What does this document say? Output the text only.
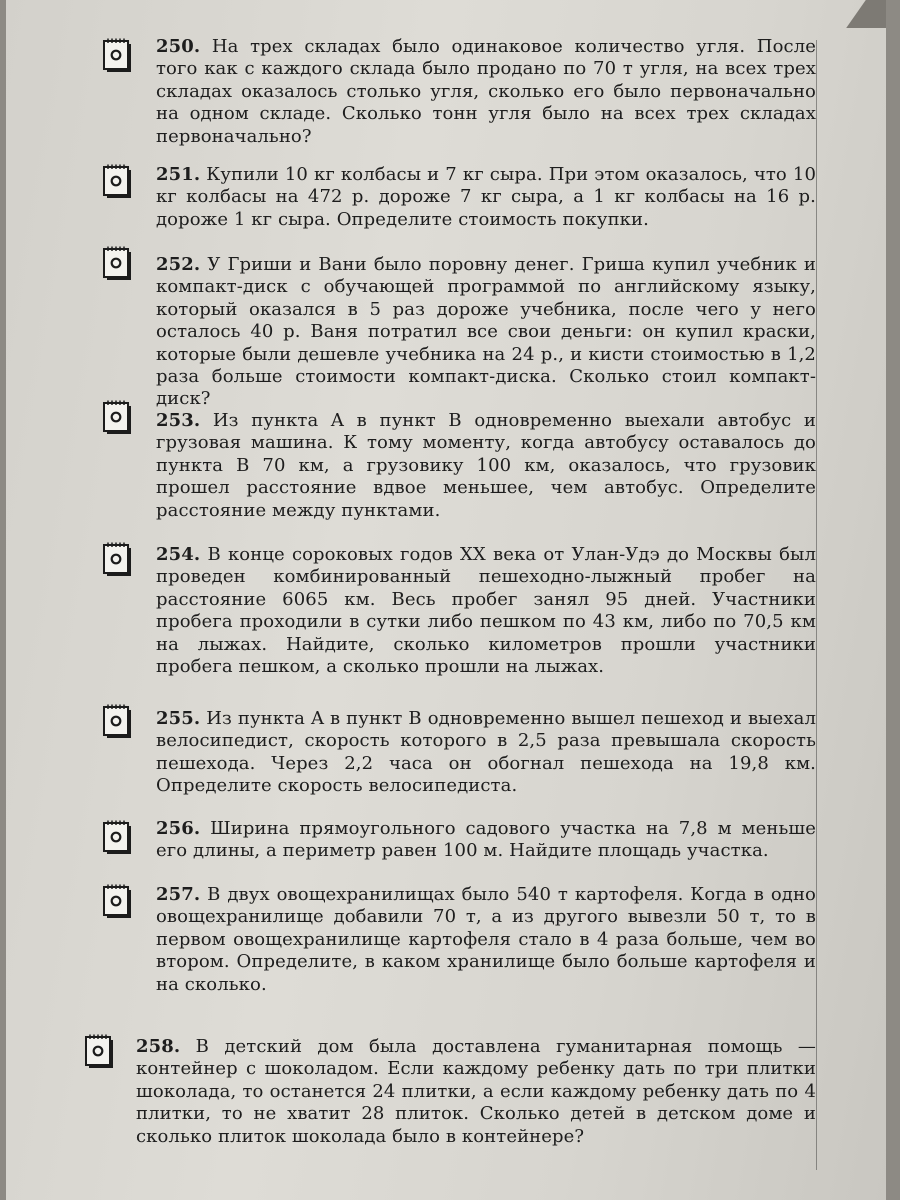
250. На трех складах было одинаковое количество угля. После того как с каждого склада было продано по 70 т угля, на всех трех складах оказалось столько угля, сколько его было первоначально на одном складе. Сколько тонн угля было на всех трех складах первоначально?
251. Купили 10 кг колбасы и 7 кг сыра. При этом оказалось, что 10 кг колбасы на 472 р. дороже 7 кг сыра, а 1 кг колбасы на 16 р. дороже 1 кг сыра. Определите стоимость покупки.
252. У Гриши и Вани было поровну денег. Гриша купил учебник и компакт-диск с обучающей программой по английскому языку, который оказался в 5 раз дороже учебника, после чего у него осталось 40 р. Ваня потратил все свои деньги: он купил краски, которые были дешевле учебника на 24 р., и кисти стоимостью в 1,2 раза больше стоимости компакт-диска. Сколько стоил компакт-диск?
253. Из пункта A в пункт B одновременно выехали автобус и грузовая машина. К тому моменту, когда автобусу оставалось до пункта B 70 км, а грузовику 100 км, оказалось, что грузовик прошел расстояние вдвое меньшее, чем автобус. Определите расстояние между пунктами.
254. В конце сороковых годов XX века от Улан-Удэ до Москвы был проведен комбинированный пешеходно-лыжный пробег на расстояние 6065 км. Весь пробег занял 95 дней. Участники пробега проходили в сутки либо пешком по 43 км, либо по 70,5 км на лыжах. Найдите, сколько километров прошли участники пробега пешком, а сколько прошли на лыжах.
255. Из пункта A в пункт B одновременно вышел пешеход и выехал велосипедист, скорость которого в 2,5 раза превышала скорость пешехода. Через 2,2 часа он обогнал пешехода на 19,8 км. Определите скорость велосипедиста.
256. Ширина прямоугольного садового участка на 7,8 м меньше его длины, а периметр равен 100 м. Найдите площадь участка.
257. В двух овощехранилищах было 540 т картофеля. Когда в одно овощехранилище добавили 70 т, а из другого вывезли 50 т, то в первом овощехранилище картофеля стало в 4 раза больше, чем во втором. Определите, в каком хранилище было больше картофеля и на сколько.
258. В детский дом была доставлена гуманитарная помощь — контейнер с шоколадом. Если каждому ребенку дать по три плитки шоколада, то останется 24 плитки, а если каждому ребенку дать по 4 плитки, то не хватит 28 плиток. Сколько детей в детском доме и сколько плиток шоколада было в контейнере?
